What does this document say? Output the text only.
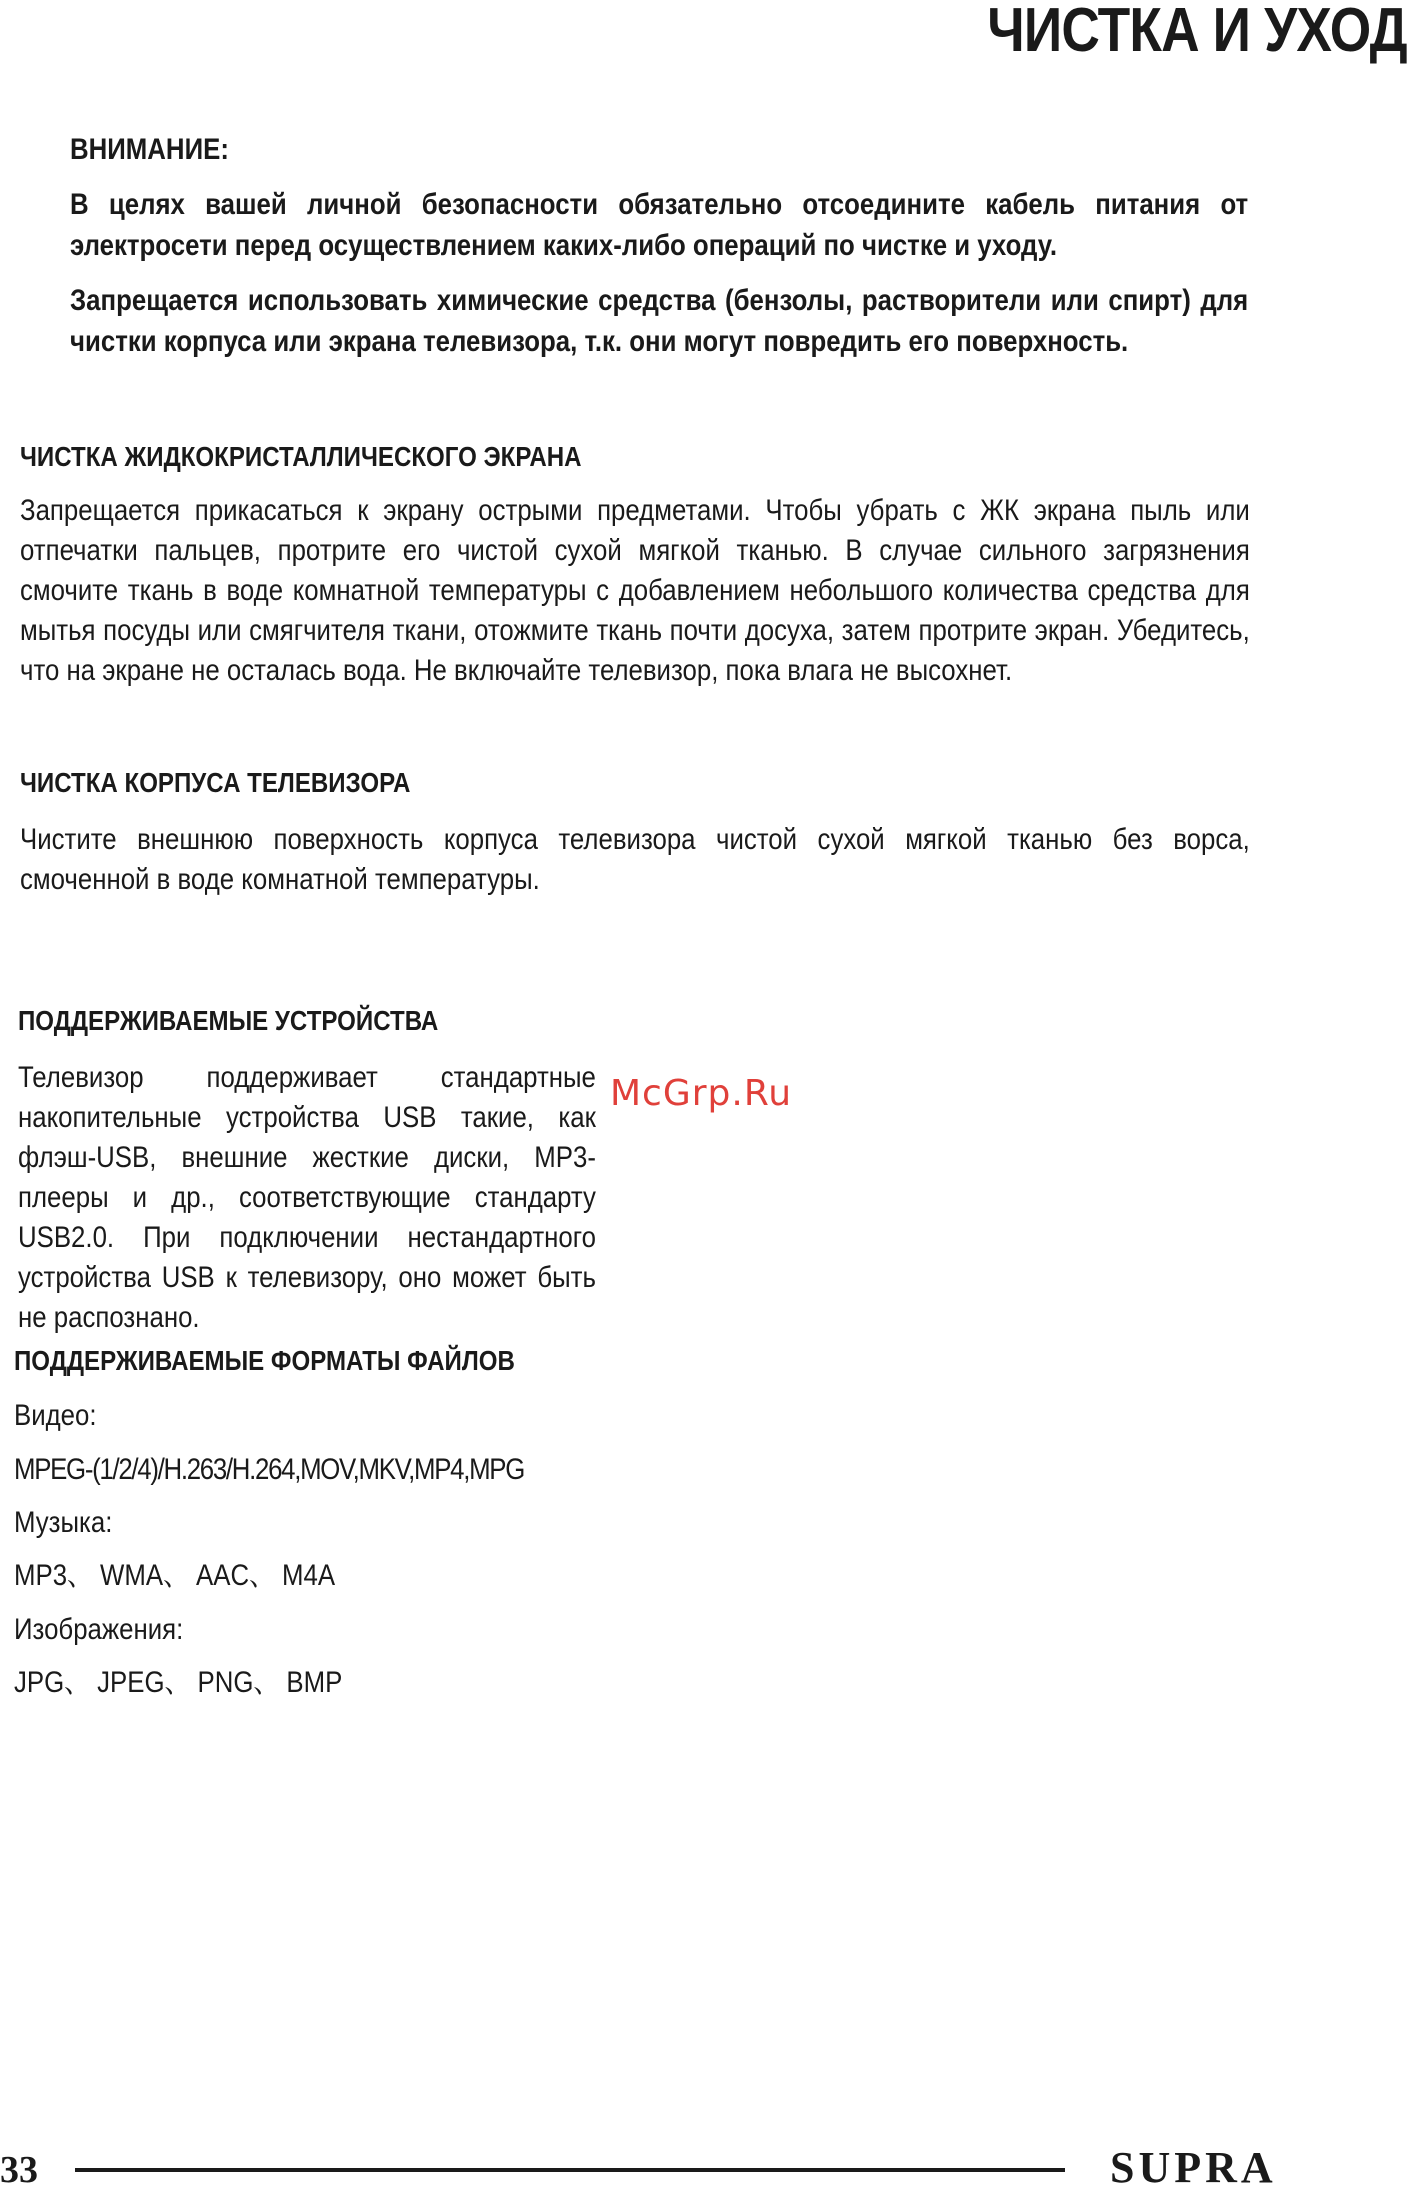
ЧИСТКА И УХОД
ВНИМАНИЕ:

В целях вашей личной безопасности обязательно отсоедините кабель питания от электросети перед осуществлением каких-либо операций по чистке и уходу.

Запрещается использовать химические средства (бензолы, растворители или спирт) для чистки корпуса или экрана телевизора, т.к. они могут повредить его поверхность.

ЧИСТКА ЖИДКОКРИСТАЛЛИЧЕСКОГО ЭКРАНА

Запрещается прикасаться к экрану острыми предметами. Чтобы убрать с ЖК экрана пыль или отпечатки пальцев, протрите его чистой сухой мягкой тканью. В случае сильного загрязнения смочите ткань в воде комнатной температуры с добавлением небольшого количества средства для мытья посуды или смягчителя ткани, отожмите ткань почти досуха, затем протрите экран. Убедитесь, что на экране не осталась вода. Не включайте телевизор, пока влага не высохнет.

ЧИСТКА КОРПУСА ТЕЛЕВИЗОРА

Чистите внешнюю поверхность корпуса телевизора чистой сухой мягкой тканью без ворса, смоченной в воде комнатной температуры.

ПОДДЕРЖИВАЕМЫЕ УСТРОЙСТВА

Телевизор поддерживает стандартные накопительные устройства USB такие, как флэш-USB, внешние жесткие диски, MP3-плееры и др., соответствующие стандарту USB2.0. При подключении нестандартного устройства USB к телевизору, оно может быть не распознано.

McGrp.Ru
ПОДДЕРЖИВАЕМЫЕ ФОРМАТЫ ФАЙЛОВ

Видео:

MPEG-(1/2/4)/H.263/H.264,MOV,MKV,MP4,MPG

Музыка:

MP3、 WMA、 AAC、 M4A

Изображения:

JPG、 JPEG、 PNG、 BMP

33	SUPRA
